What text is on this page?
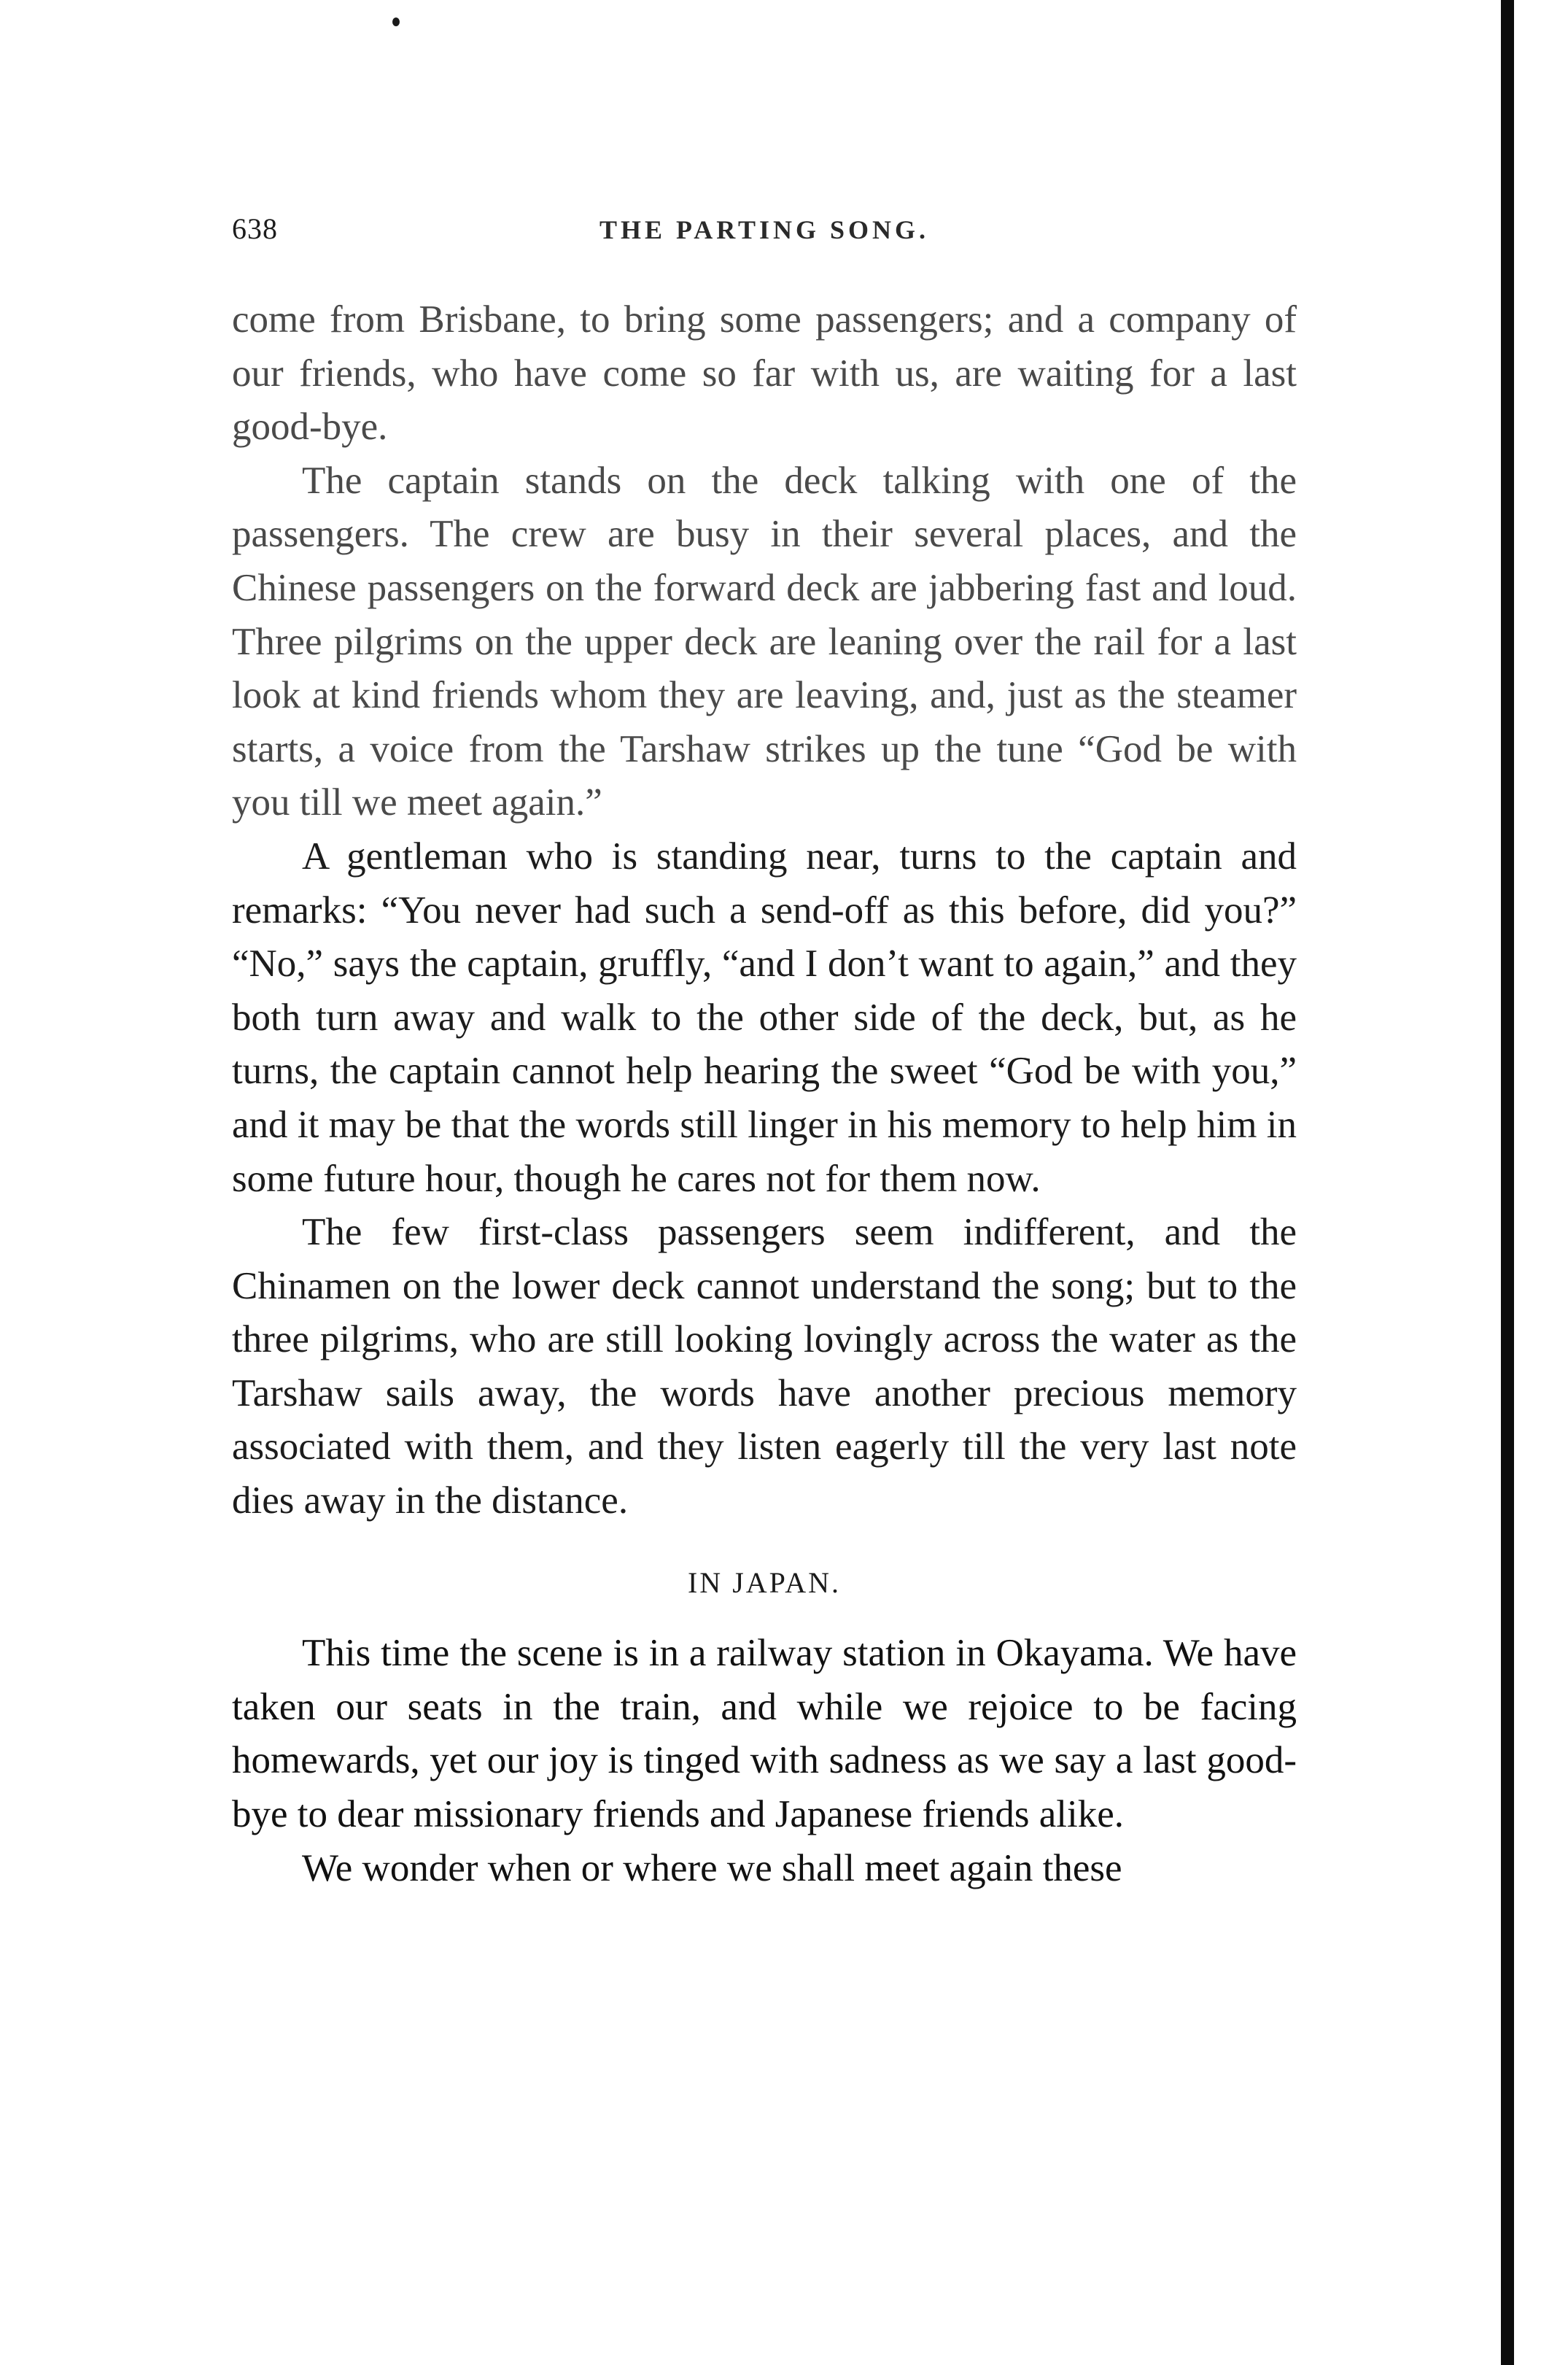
638	THE PARTING SONG.

come from Brisbane, to bring some passengers; and a company of our friends, who have come so far with us, are waiting for a last good-bye.

The captain stands on the deck talking with one of the passengers. The crew are busy in their several places, and the Chinese passengers on the forward deck are jabbering fast and loud. Three pilgrims on the upper deck are leaning over the rail for a last look at kind friends whom they are leaving, and, just as the steamer starts, a voice from the Tarshaw strikes up the tune “God be with you till we meet again.”

A gentleman who is standing near, turns to the captain and remarks: “You never had such a send-off as this before, did you?” “No,” says the captain, gruffly, “and I don’t want to again,” and they both turn away and walk to the other side of the deck, but, as he turns, the captain cannot help hearing the sweet “God be with you,” and it may be that the words still linger in his memory to help him in some future hour, though he cares not for them now.

The few first-class passengers seem indifferent, and the Chinamen on the lower deck cannot understand the song; but to the three pilgrims, who are still looking lovingly across the water as the Tarshaw sails away, the words have another precious memory associated with them, and they listen eagerly till the very last note dies away in the distance.

IN JAPAN.

This time the scene is in a railway station in Okayama. We have taken our seats in the train, and while we rejoice to be facing homewards, yet our joy is tinged with sadness as we say a last good-bye to dear missionary friends and Japanese friends alike.

We wonder when or where we shall meet again these
